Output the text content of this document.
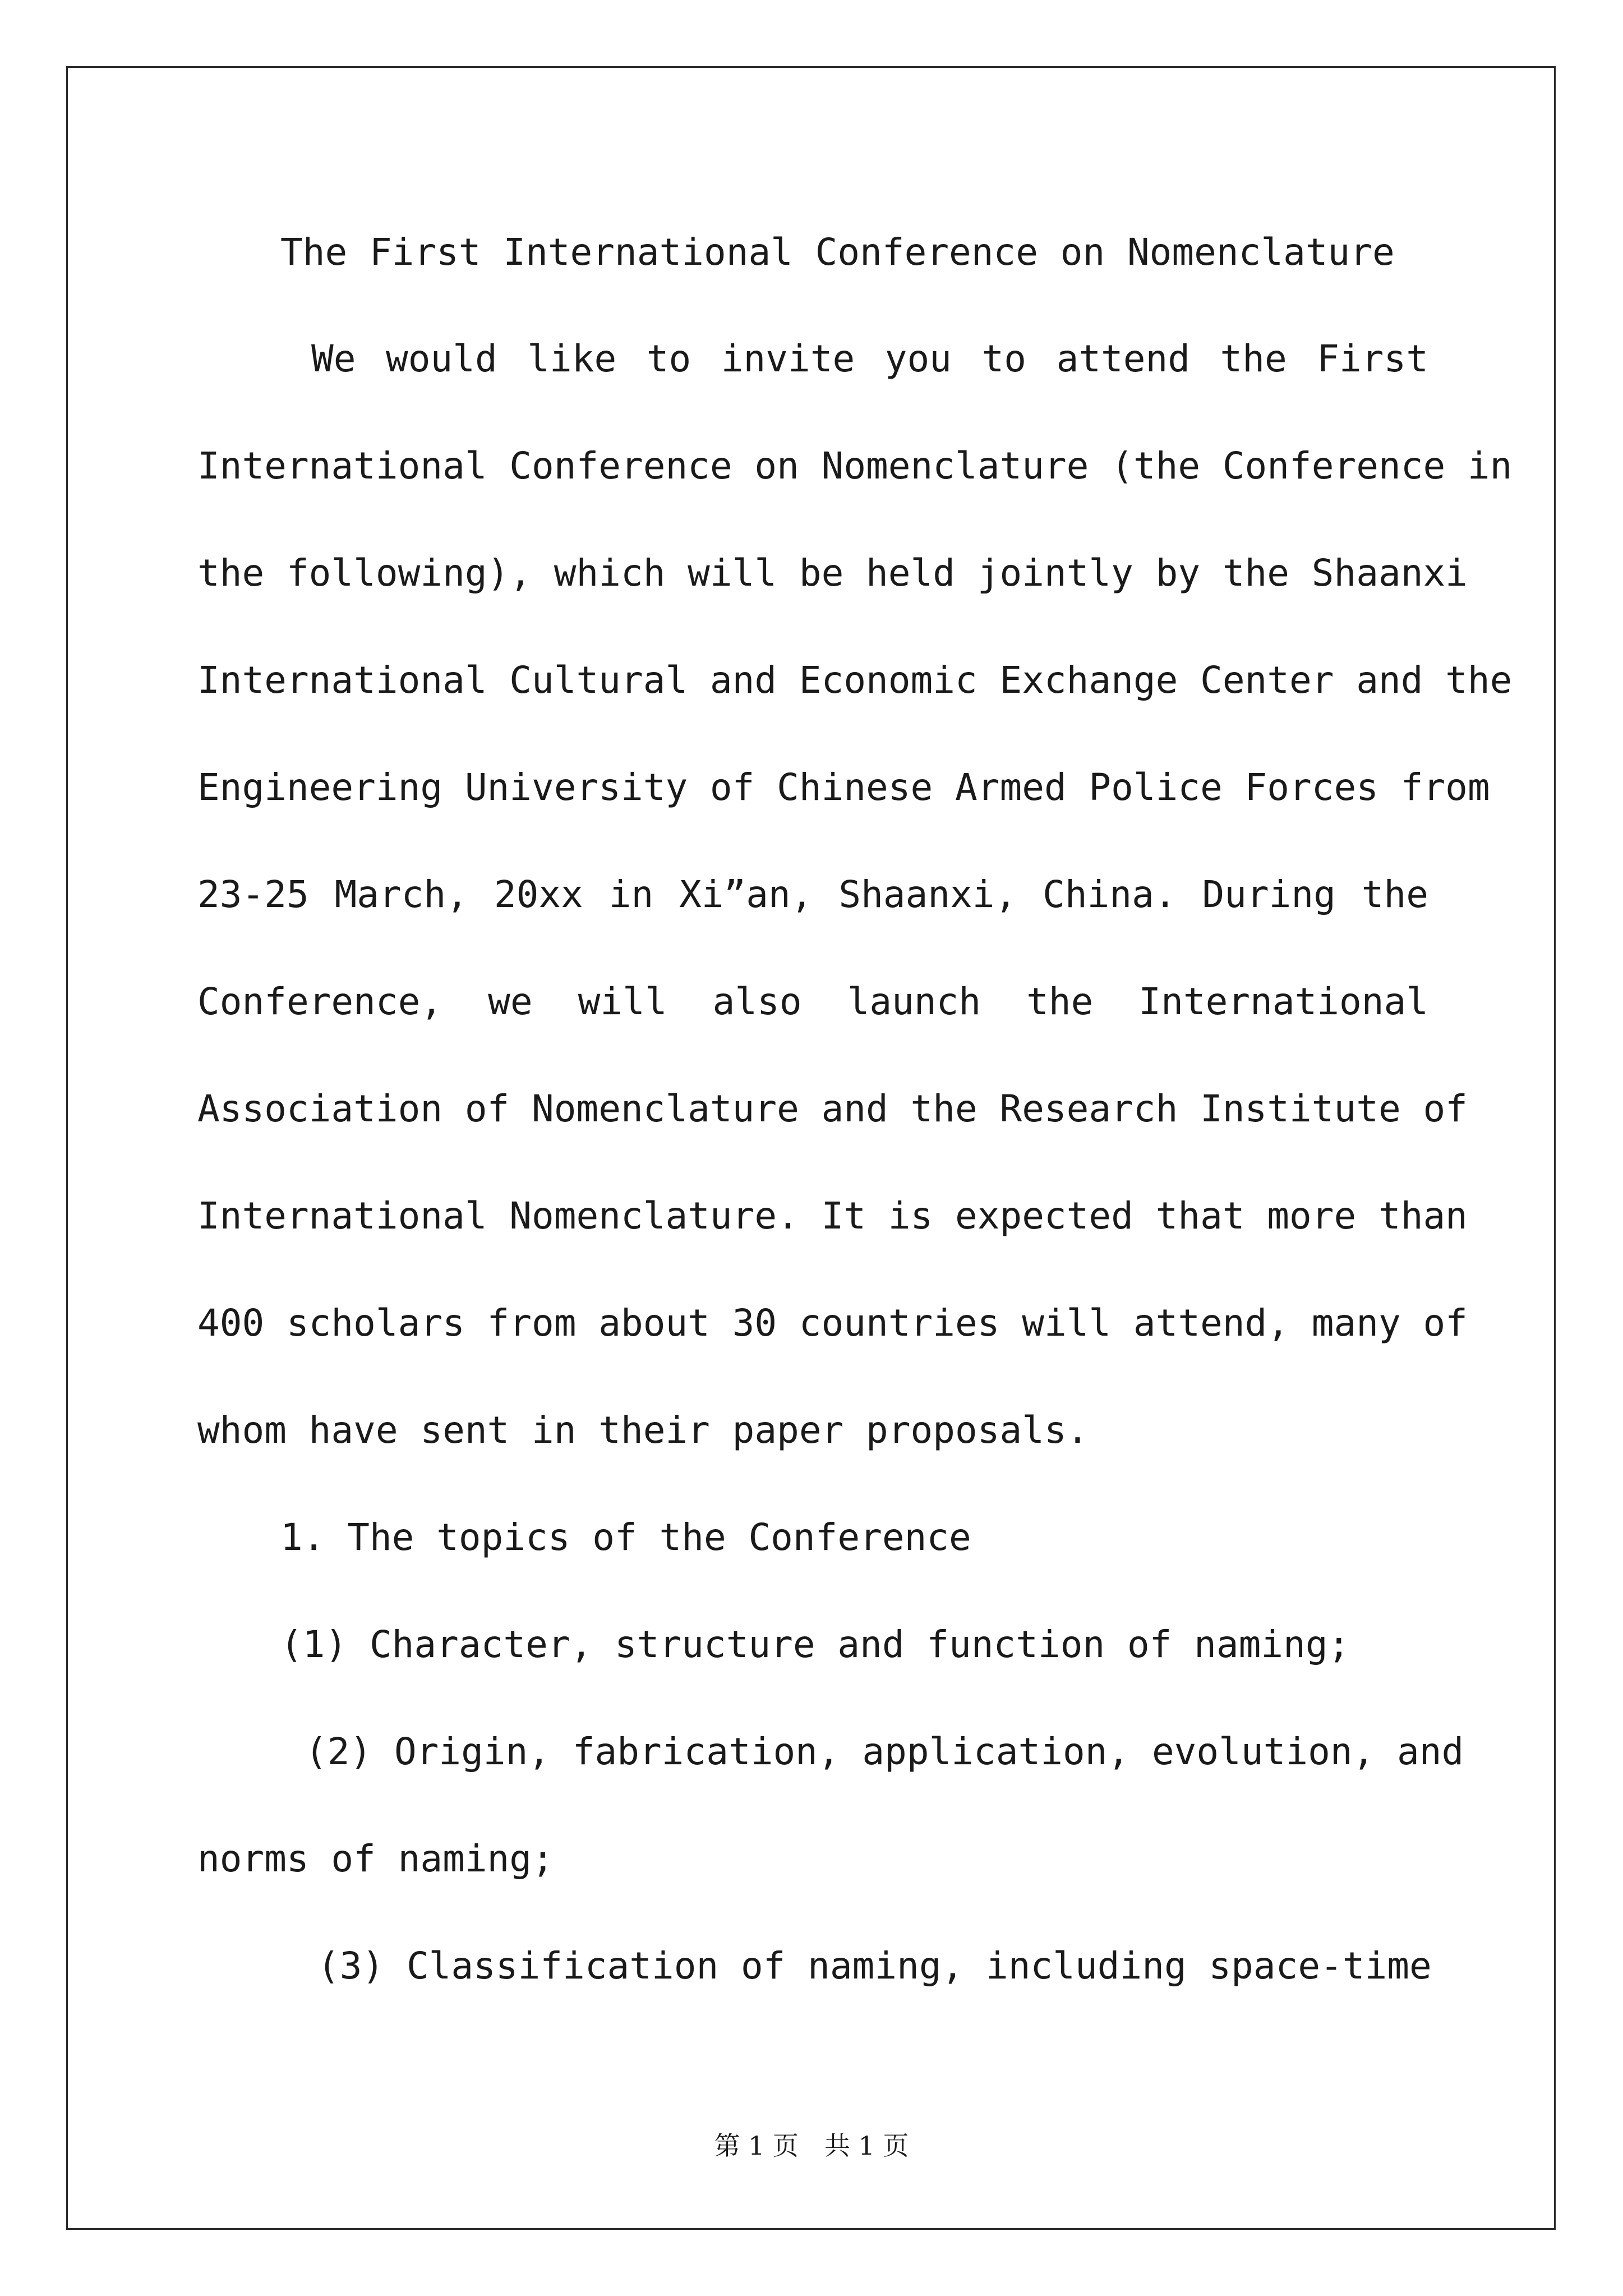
The First International Conference on Nomenclature
We would like to invite you to attend the First
International Conference on Nomenclature (the Conference in
the following), which will be held jointly by the Shaanxi
International Cultural and Economic Exchange Center and the
Engineering University of Chinese Armed Police Forces from
23-25 March, 20xx in Xi”an, Shaanxi, China. During the
Conference, we will also launch the International
Association of Nomenclature and the Research Institute of
International Nomenclature. It is expected that more than
400 scholars from about 30 countries will attend, many of
whom have sent in their paper proposals.
1. The topics of the Conference
(1) Character, structure and function of naming;
(2) Origin, fabrication, application, evolution, and
norms of naming;
(3) Classification of naming, including space-time
第 1 页　共 1 页
